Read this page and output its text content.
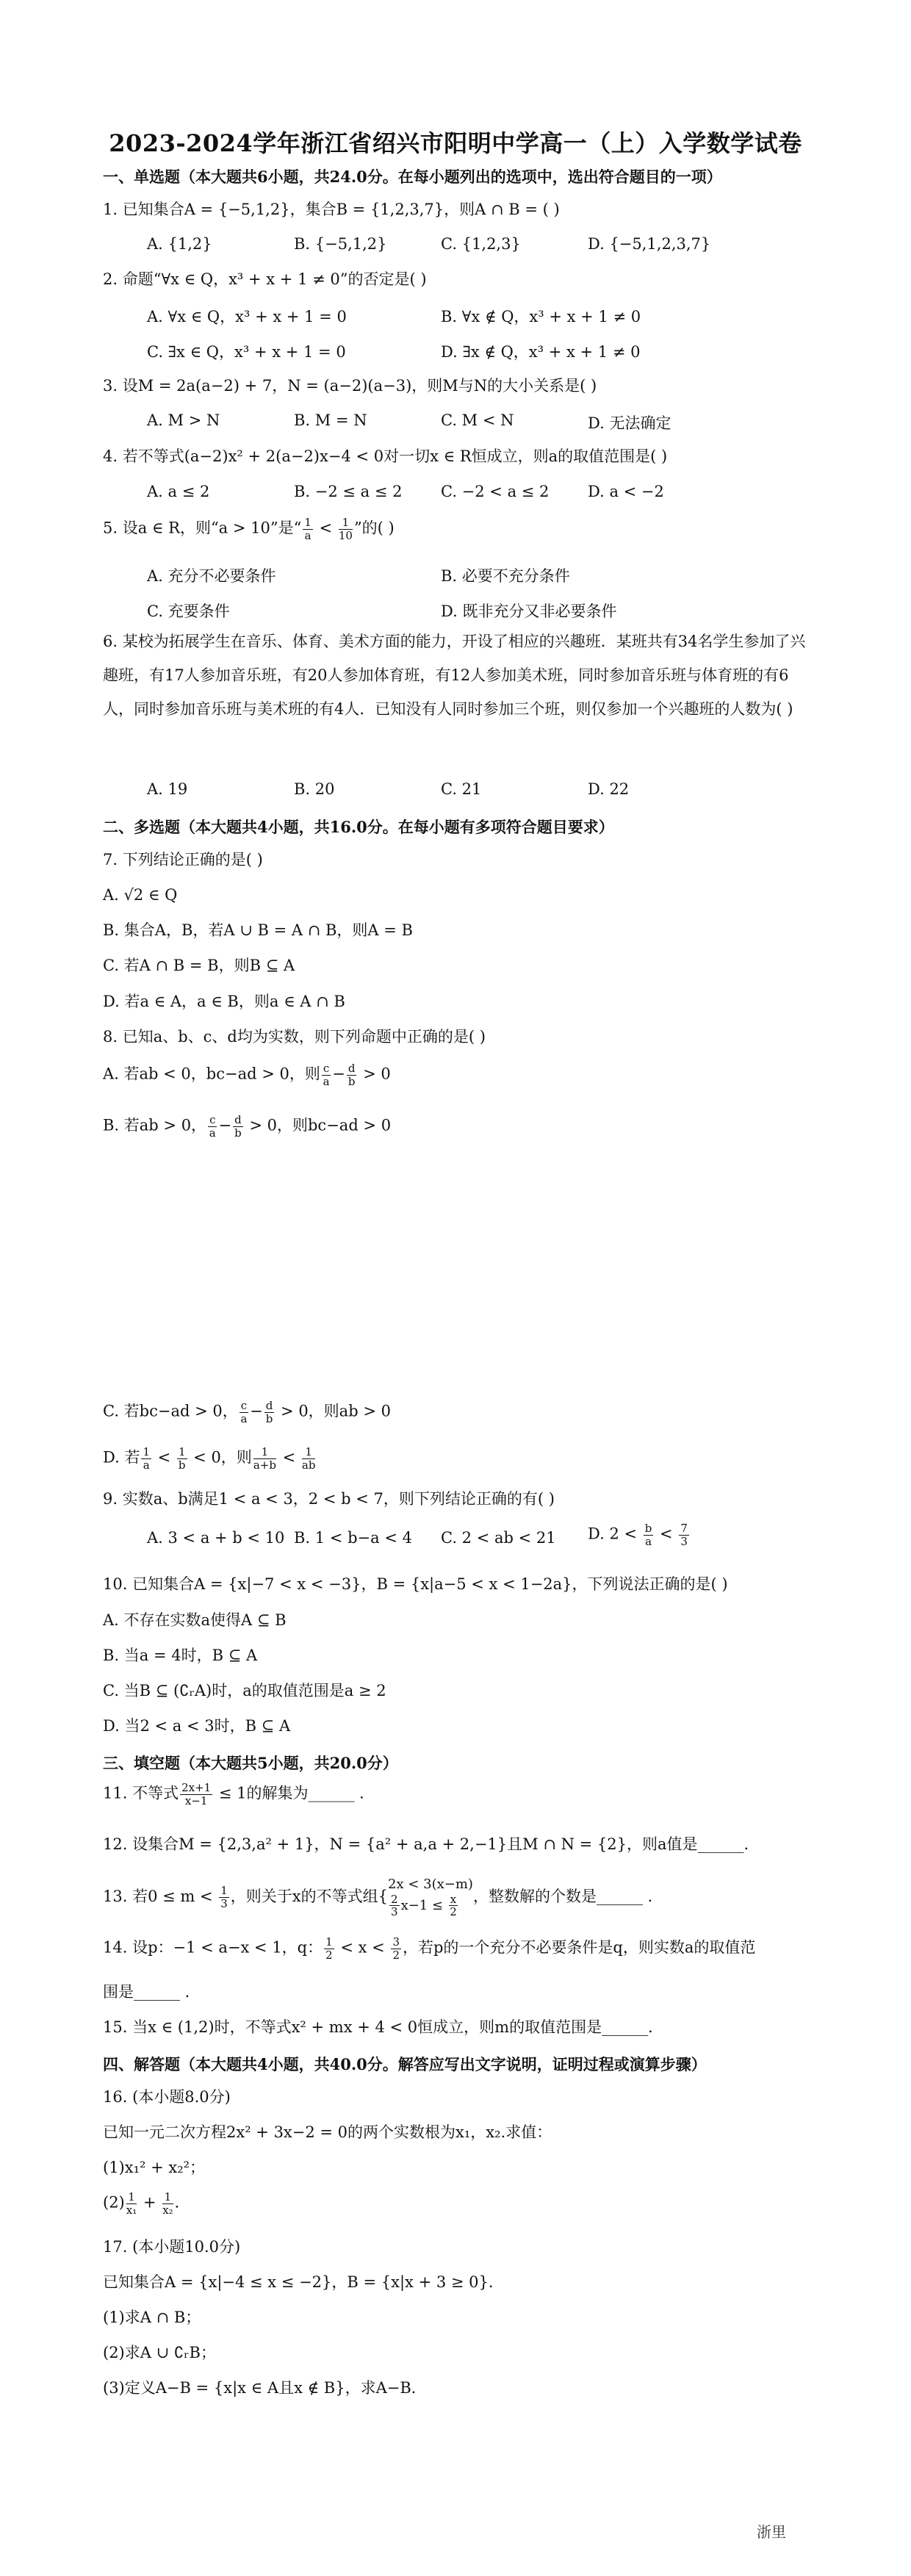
2023-2024学年浙江省绍兴市阳明中学高一（上）入学数学试卷
一、单选题（本大题共6小题，共24.0分。在每小题列出的选项中，选出符合题目的一项）
1. 已知集合A = {−5,1,2}，集合B = {1,2,3,7}，则A ∩ B = ( )
A. {1,2}	B. {−5,1,2}	C. {1,2,3}	D. {−5,1,2,3,7}
2. 命题“∀x ∈ Q，x³ + x + 1 ≠ 0”的否定是( )
A. ∀x ∈ Q，x³ + x + 1 = 0	B. ∀x ∉ Q，x³ + x + 1 ≠ 0
C. ∃x ∈ Q，x³ + x + 1 = 0	D. ∃x ∉ Q，x³ + x + 1 ≠ 0
3. 设M = 2a(a−2) + 7，N = (a−2)(a−3)，则M与N的大小关系是( )
A. M > N	B. M = N	C. M < N	D. 无法确定
4. 若不等式(a−2)x² + 2(a−2)x−4 < 0对一切x ∈ R恒成立，则a的取值范围是( )
A. a ≤ 2	B. −2 ≤ a ≤ 2 C. −2 < a ≤ 2	D. a < −2
5. 设a ∈ R，则“a > 10”是“ $\frac{1}{a} < \frac{1}{10}$ ”的( )
A. 充分不必要条件	B. 必要不充分条件
C. 充要条件	D. 既非充分又非必要条件
6. 某校为拓展学生在音乐、体育、美术方面的能力，开设了相应的兴趣班．某班共有34名学生参加了兴趣班，有17人参加音乐班，有20人参加体育班，有12人参加美术班，同时参加音乐班与体育班的有6人，同时参加音乐班与美术班的有4人．已知没有人同时参加三个班，则仅参加一个兴趣班的人数为( )
A. 19	B. 20	C. 21	D. 22
二、多选题（本大题共4小题，共16.0分。在每小题有多项符合题目要求）
7. 下列结论正确的是( )
A. √2 ∈ Q
B. 集合A，B，若A ∪ B = A ∩ B，则A = B
C. 若A ∩ B = B，则B ⊆ A
D. 若a ∈ A，a ∈ B，则a ∈ A ∩ B
8. 已知a、b、c、d均为实数，则下列命题中正确的是( )
A. 若ab < 0，bc−ad > 0，则 $\frac{c}{a} - \frac{d}{b} > 0$
B. 若ab > 0， $\frac{c}{a} - \frac{d}{b} > 0$，则bc−ad > 0
C. 若bc−ad > 0， $\frac{c}{a} - \frac{d}{b} > 0$，则ab > 0
D. 若 $\frac{1}{a} < \frac{1}{b} < 0$，则 $\frac{1}{a+b} < \frac{1}{ab}$
9. 实数a、b满足1 < a < 3，2 < b < 7，则下列结论正确的有( )
A. 3 < a + b < 10 B. 1 < b−a < 4 C. 2 < ab < 21 D. $2 < \frac{b}{a} < \frac{7}{3}$
10. 已知集合A = {x|−7 < x < −3}，B = {x|a−5 < x < 1−2a}，下列说法正确的是( )
A. 不存在实数a使得A ⊆ B
B. 当a = 4时，B ⊆ A
C. 当B ⊆ (∁ᵣA)时，a的取值范围是a ≥ 2
D. 当2 < a < 3时，B ⊆ A
三、填空题（本大题共5小题，共20.0分）
11. 不等式 $\frac{2x+1}{x-1} \le 1$的解集为______ ．
12. 设集合M = {2,3,a² + 1}，N = {a² + a,a + 2,−1}且M ∩ N = {2}，则a值是______．
13. 若$0 \le m < \frac{1}{3}$ ，则关于x的不等式组{
2x < 3(x−m)
$\frac{2}{3} x-1 \le \frac{x}{2}$ ，整数解的个数是______ ．
14. 设p：−1 < a−x < 1，q： $\frac{1}{2} < x < \frac{3}{2}$ ，若p的一个充分不必要条件是q，则实数a的取值范
围是______ ．
15. 当x ∈ (1,2)时，不等式x² + mx + 4 < 0恒成立，则m的取值范围是______．
四、解答题（本大题共4小题，共40.0分。解答应写出文字说明，证明过程或演算步骤）
16. (本小题8.0分)
已知一元二次方程2x² + 3x−2 = 0的两个实数根为x₁，x₂.求值：
(1)x₁² + x₂²；
$(2) \frac{1}{\text{x₁}} + \frac{1}{\text{x₂}}$ ．
17. (本小题10.0分)
已知集合A = {x|−4 ≤ x ≤ −2}，B = {x|x + 3 ≥ 0}．
(1)求A ∩ B；
(2)求A ∪ ∁ᵣB；
(3)定义A−B = {x|x ∈ A且x ∉ B}，求A−B．
浙里
